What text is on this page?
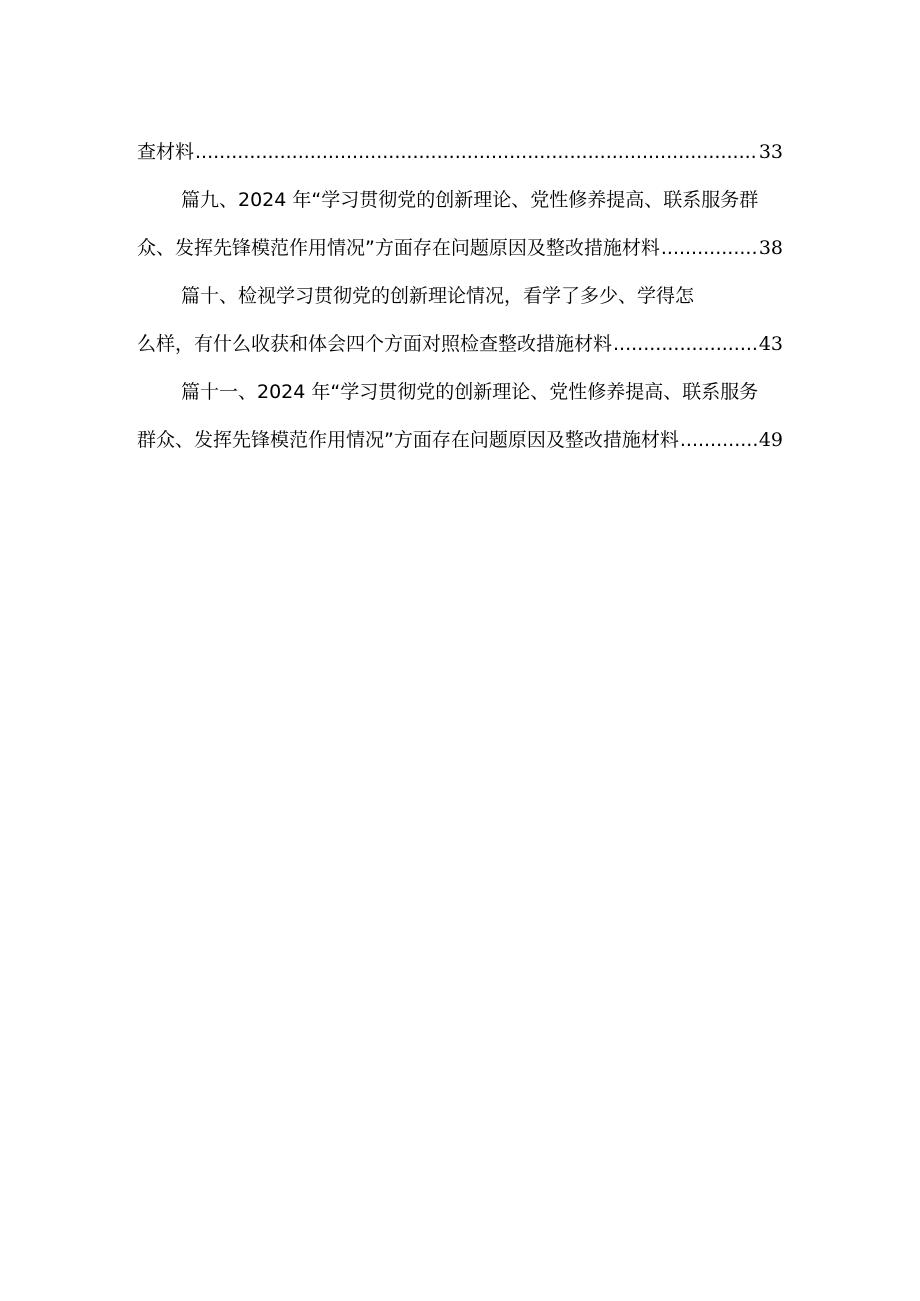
查材料 .....	33
篇九、2024 年“学习贯彻党的创新理论、党性修养提高、联系服务群
众、发挥先锋模范作用情况”方面存在问题原因及整改措施材料 .....	38
篇十、检视学习贯彻党的创新理论情况，看学了多少、学得怎
么样，有什么收获和体会四个方面对照检查整改措施材料 .....	43
篇十一、2024 年“学习贯彻党的创新理论、党性修养提高、联系服务
群众、发挥先锋模范作用情况”方面存在问题原因及整改措施材料 .....	49
